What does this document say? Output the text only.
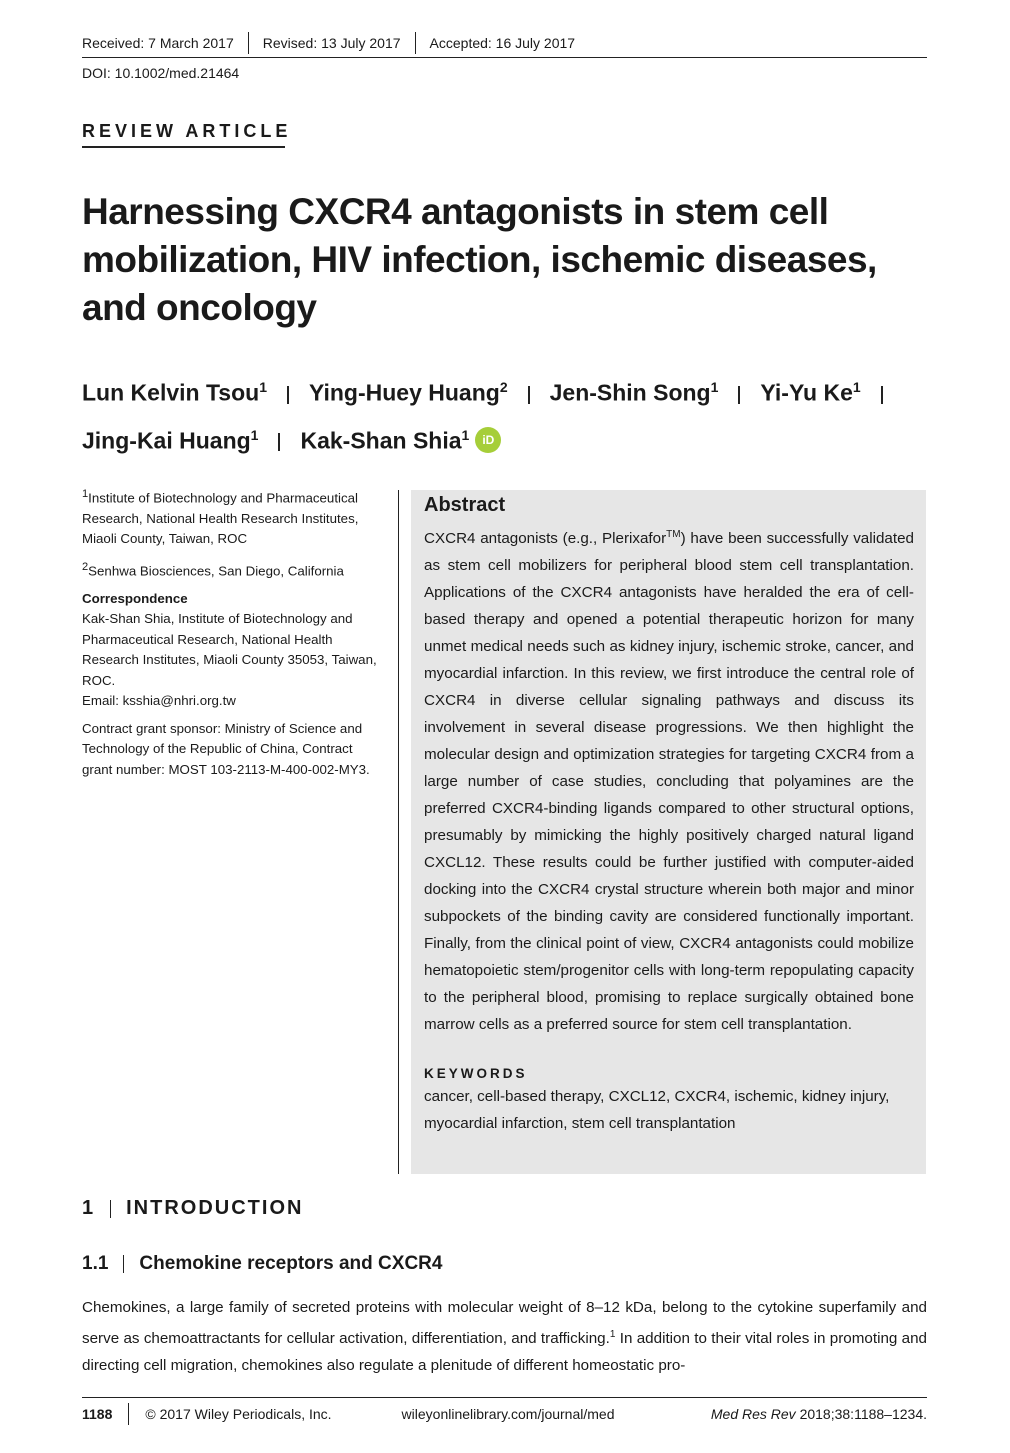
Received: 7 March 2017 Revised: 13 July 2017 Accepted: 16 July 2017
DOI: 10.1002/med.21464
REVIEW ARTICLE
Harnessing CXCR4 antagonists in stem cell mobilization, HIV infection, ischemic diseases, and oncology
Lun Kelvin Tsou$^1$ Ying-Huey Huang$^2$ Jen-Shin Song$^1$ Yi-Yu Ke$^1$
Jing-Kai Huang$^1$ Kak-Shan Shia$^1$ iD

$^1$Institute of Biotechnology and Pharmaceutical Research, National Health Research Institutes, Miaoli County, Taiwan, ROC

$^2$Senhwa Biosciences, San Diego, California

Correspondence

Kak-Shan Shia, Institute of Biotechnology and Pharmaceutical Research, National Health Research Institutes, Miaoli County 35053, Taiwan, ROC.

Email: ksshia@nhri.org.tw

Contract grant sponsor: Ministry of Science and Technology of the Republic of China, Contract grant number: MOST 103-2113-M-400-002-MY3.

Abstract

CXCR4 antagonists (e.g., Plerixafor™) have been successfully validated as stem cell mobilizers for peripheral blood stem cell transplantation. Applications of the CXCR4 antagonists have heralded the era of cell-based therapy and opened a potential therapeutic horizon for many unmet medical needs such as kidney injury, ischemic stroke, cancer, and myocardial infarction. In this review, we first introduce the central role of CXCR4 in diverse cellular signaling pathways and discuss its involvement in several disease progressions. We then highlight the molecular design and optimization strategies for targeting CXCR4 from a large number of case studies, concluding that polyamines are the preferred CXCR4-binding ligands compared to other structural options, presumably by mimicking the highly positively charged natural ligand CXCL12. These results could be further justified with computer-aided docking into the CXCR4 crystal structure wherein both major and minor subpockets of the binding cavity are considered functionally important. Finally, from the clinical point of view, CXCR4 antagonists could mobilize hematopoietic stem/progenitor cells with long-term repopulating capacity to the peripheral blood, promising to replace surgically obtained bone marrow cells as a preferred source for stem cell transplantation.

KEYWORDS

cancer, cell-based therapy, CXCL12, CXCR4, ischemic, kidney injury, myocardial infarction, stem cell transplantation

1 INTRODUCTION
1.1 Chemokine receptors and CXCR4
Chemokines, a large family of secreted proteins with molecular weight of 8–12 kDa, belong to the cytokine superfamily and serve as chemoattractants for cellular activation, differentiation, and trafficking.$^1$ In addition to their vital roles in promoting and directing cell migration, chemokines also regulate a plenitude of different homeostatic pro-
1188 © 2017 Wiley Periodicals, Inc.	wileyonlinelibrary.com/journal/med	Med Res Rev 2018;38:1188–1234.
